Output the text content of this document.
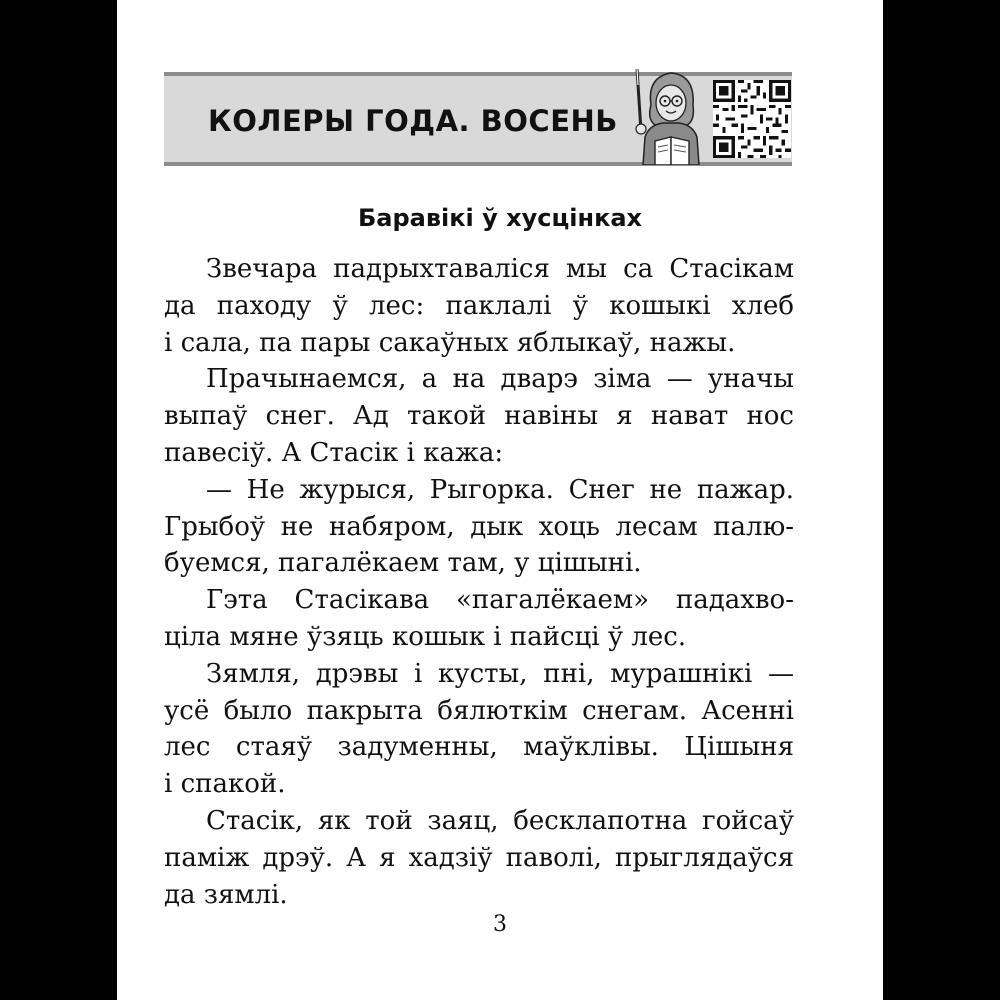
КОЛЕРЫ ГОДА. ВОСЕНЬ
Баравікі ў хусцінках

Звечара падрыхтаваліся мы са Стасікам
да паходу ў лес: паклалі ў кошыкі хлеб
і сала, па пары сакаўных яблыкаў, нажы.

Прачынаемся, а на дварэ зіма — уначы
выпаў снег. Ад такой навіны я нават нос
павесіў. А Стасік і кажа:

— Не журыся, Рыгорка. Снег не пажар.
Грыбоў не набяром, дык хоць лесам палю-
буемся, пагалёкаем там, у цішыні.

Гэта Стасікава «пагалёкаем» падахво-
ціла мяне ўзяць кошык і пайсці ў лес.

Зямля, дрэвы і кусты, пні, мурашнікі —
усё было пакрыта бялюткім снегам. Асенні
лес стаяў задуменны, маўклівы. Цішыня
і спакой.

Стасік, як той заяц, бесклапотна гойсаў
паміж дрэў. А я хадзіў паволі, прыглядаўся
да зямлі.

3
